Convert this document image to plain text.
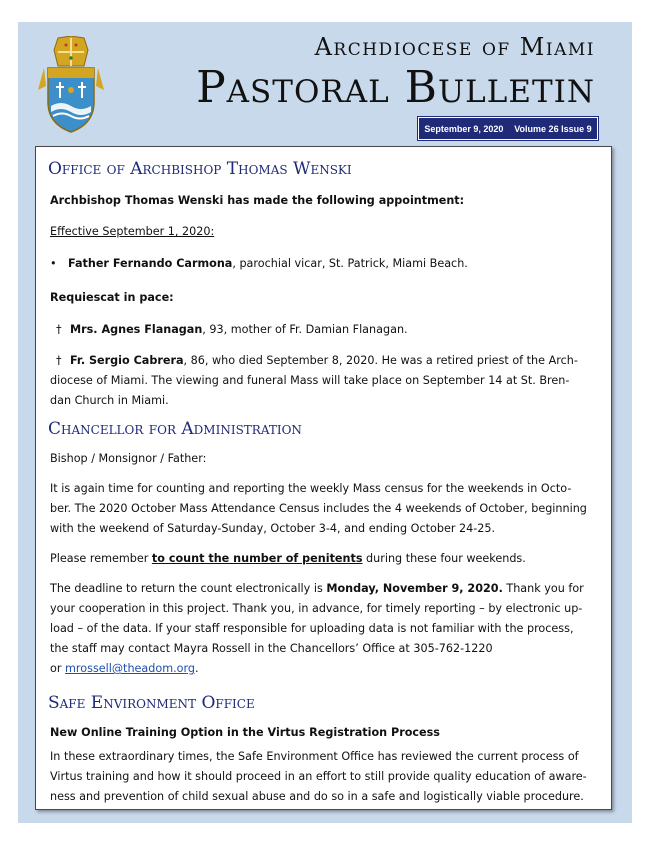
Archdiocese of Miami
Pastoral Bulletin
September 9, 2020 Volume 26 Issue 9
Office of Archbishop Thomas Wenski

Archbishop Thomas Wenski has made the following appointment:

Effective September 1, 2020:

• Father Fernando Carmona, parochial vicar, St. Patrick, Miami Beach.

Requiescat in pace:

† Mrs. Agnes Flanagan, 93, mother of Fr. Damian Flanagan.

† Fr. Sergio Cabrera, 86, who died September 8, 2020. He was a retired priest of the Arch-
diocese of Miami. The viewing and funeral Mass will take place on September 14 at St. Bren-
dan Church in Miami.

Chancellor for Administration

Bishop / Monsignor / Father:

It is again time for counting and reporting the weekly Mass census for the weekends in Octo-
ber. The 2020 October Mass Attendance Census includes the 4 weekends of October, beginning
with the weekend of Saturday-Sunday, October 3-4, and ending October 24-25.

Please remember to count the number of penitents during these four weekends.

The deadline to return the count electronically is Monday, November 9, 2020. Thank you for
your cooperation in this project. Thank you, in advance, for timely reporting – by electronic up-
load – of the data. If your staff responsible for uploading data is not familiar with the process,
the staff may contact Mayra Rossell in the Chancellors’ Office at 305-762-1220
or mrossell@theadom.org.

Safe Environment Office

New Online Training Option in the Virtus Registration Process

In these extraordinary times, the Safe Environment Office has reviewed the current process of
Virtus training and how it should proceed in an effort to still provide quality education of aware-
ness and prevention of child sexual abuse and do so in a safe and logistically viable procedure.
